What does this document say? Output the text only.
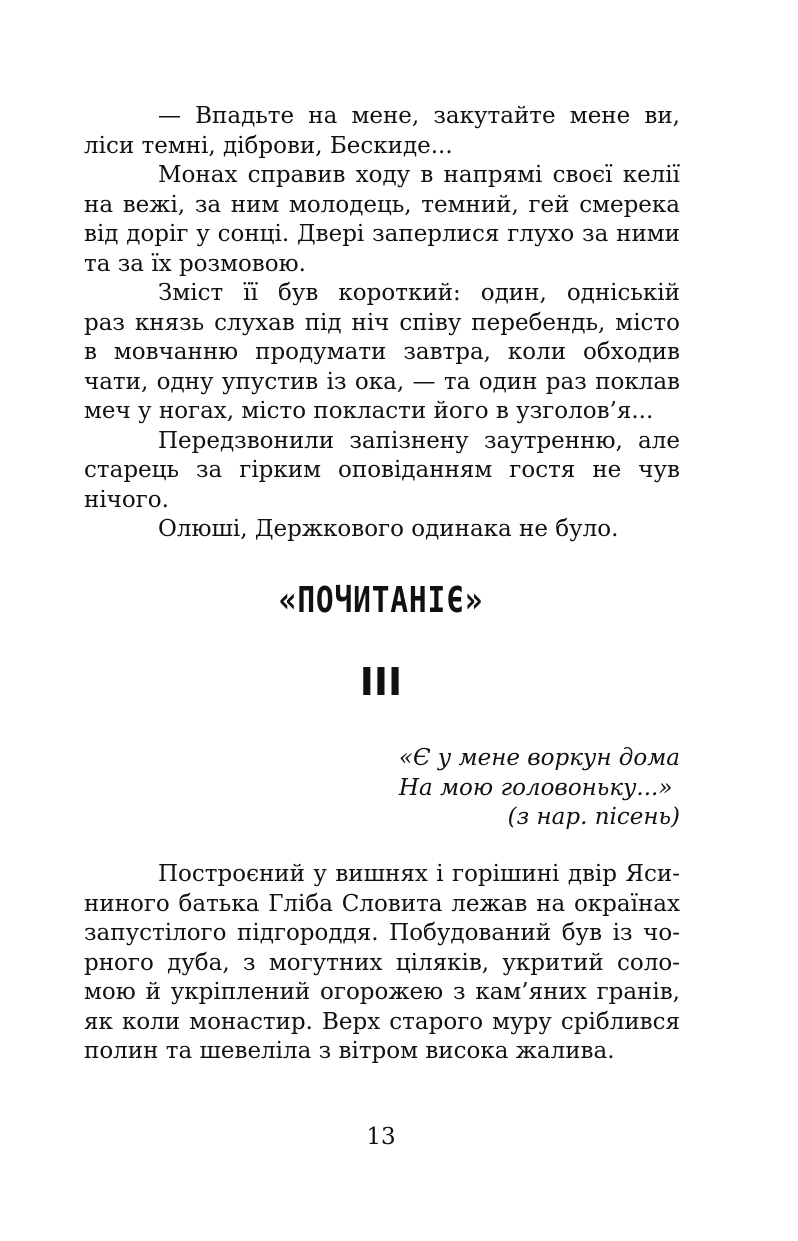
— Впадьте на мене, закутайте мене ви,
ліси темні, діброви, Бескиде...
Монах справив ходу в напрямі своєї келії
на вежі, за ним молодець, темний, гей смерека
від доріг у сонці. Двері заперлися глухо за ними
та за їх розмовою.
Зміст її був короткий: один, одніській
раз князь слухав під ніч співу перебендь, місто
в мовчанню продумати завтра, коли обходив
чати, одну упустив із ока, — та один раз поклав
меч у ногах, місто покласти його в узголов’я...
Передзвонили запізнену заутренню, але
старець за гірким оповіданням гостя не чув
нічого.
Олюші, Держкового одинака не було.
«ПОЧИТАНІЄ»
III
«Є у мене воркун дома
На мою головоньку...»
(з нар. пісень)
Построєний у вишнях і горішині двір Яси-
ниного батька Гліба Словита лежав на окраїнах
запустілого підгороддя. Побудований був із чо-
рного дуба, з могутних ціляків, укритий соло-
мою й укріплений огорожею з кам’яних гранів,
як коли монастир. Верх старого муру сріблився
полин та шевеліла з вітром висока жалива.
13
